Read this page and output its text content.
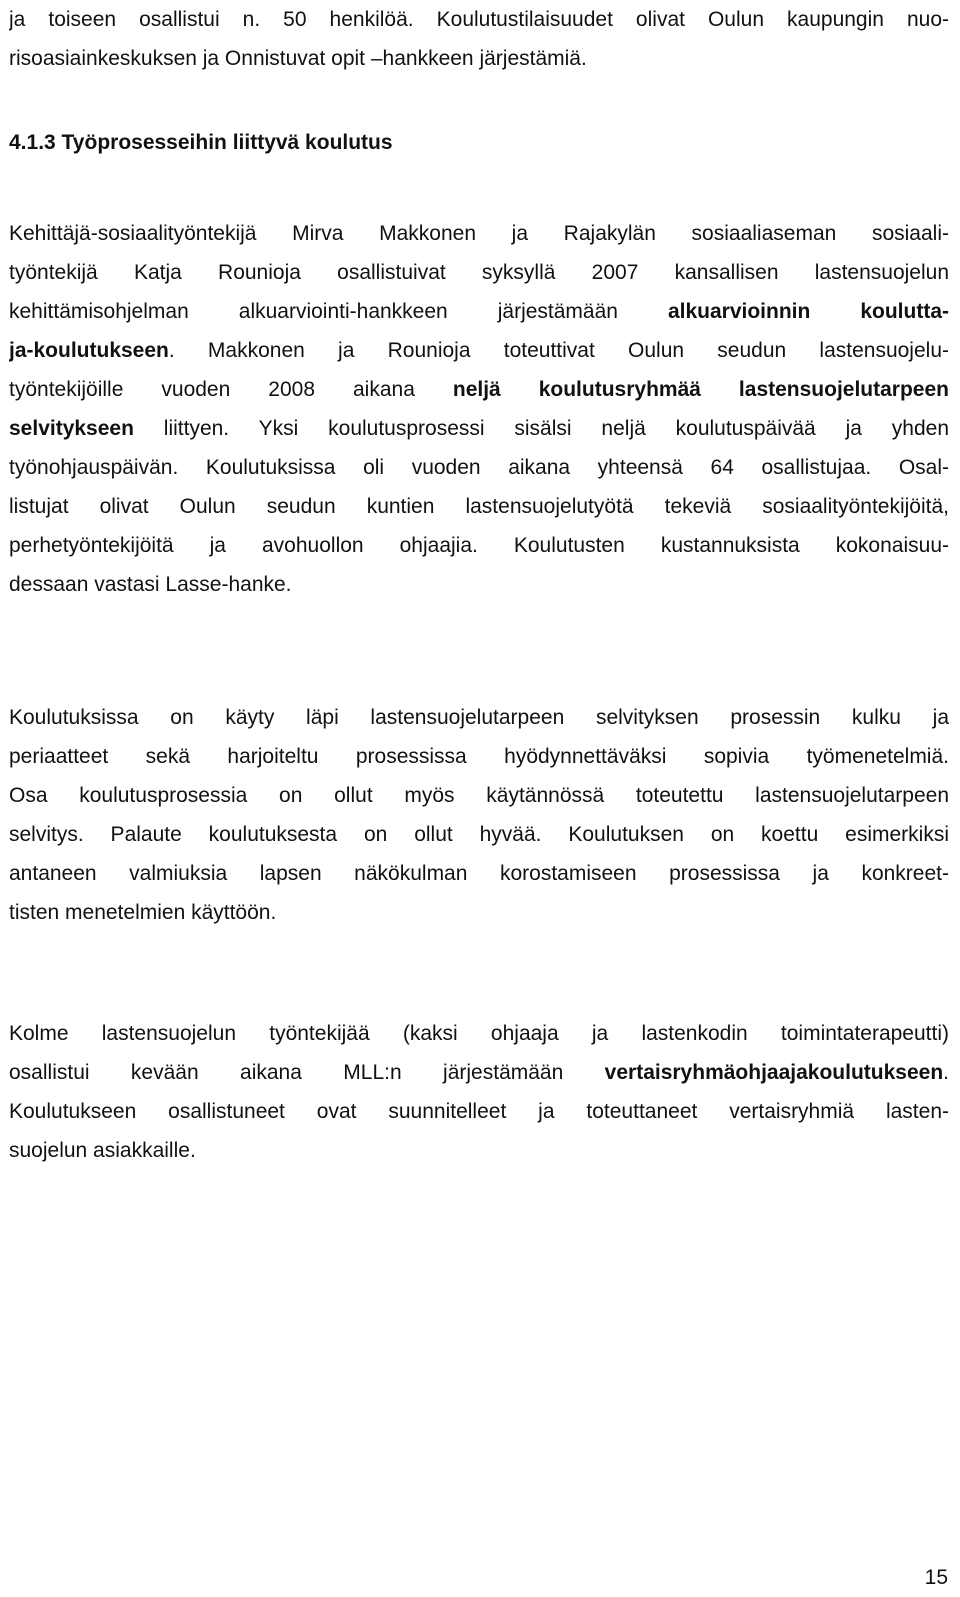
ja toiseen osallistui n. 50 henkilöä. Koulutustilaisuudet olivat Oulun kaupungin nuo-
risoasiainkeskuksen ja Onnistuvat opit –hankkeen järjestämiä.
4.1.3 Työprosesseihin liittyvä koulutus
Kehittäjä-sosiaalityöntekijä Mirva Makkonen ja Rajakylän sosiaaliaseman sosiaali-
työntekijä Katja Rounioja osallistuivat syksyllä 2007 kansallisen lastensuojelun
kehittämisohjelman alkuarviointi-hankkeen järjestämään alkuarvioinnin koulutta-
ja-koulutukseen. Makkonen ja Rounioja toteuttivat Oulun seudun lastensuojelu-
työntekijöille vuoden 2008 aikana neljä koulutusryhmää lastensuojelutarpeen
selvitykseen liittyen. Yksi koulutusprosessi sisälsi neljä koulutuspäivää ja yhden
työnohjauspäivän. Koulutuksissa oli vuoden aikana yhteensä 64 osallistujaa. Osal-
listujat olivat Oulun seudun kuntien lastensuojelutyötä tekeviä sosiaalityöntekijöitä,
perhetyöntekijöitä ja avohuollon ohjaajia. Koulutusten kustannuksista kokonaisuu-
dessaan vastasi Lasse-hanke.
Koulutuksissa on käyty läpi lastensuojelutarpeen selvityksen prosessin kulku ja
periaatteet sekä harjoiteltu prosessissa hyödynnettäväksi sopivia työmenetelmiä.
Osa koulutusprosessia on ollut myös käytännössä toteutettu lastensuojelutarpeen
selvitys. Palaute koulutuksesta on ollut hyvää. Koulutuksen on koettu esimerkiksi
antaneen valmiuksia lapsen näkökulman korostamiseen prosessissa ja konkreet-
tisten menetelmien käyttöön.
Kolme lastensuojelun työntekijää (kaksi ohjaaja ja lastenkodin toimintaterapeutti)
osallistui kevään aikana MLL:n järjestämään vertaisryhmäohjaajakoulutukseen.
Koulutukseen osallistuneet ovat suunnitelleet ja toteuttaneet vertaisryhmiä lasten-
suojelun asiakkaille.
15
